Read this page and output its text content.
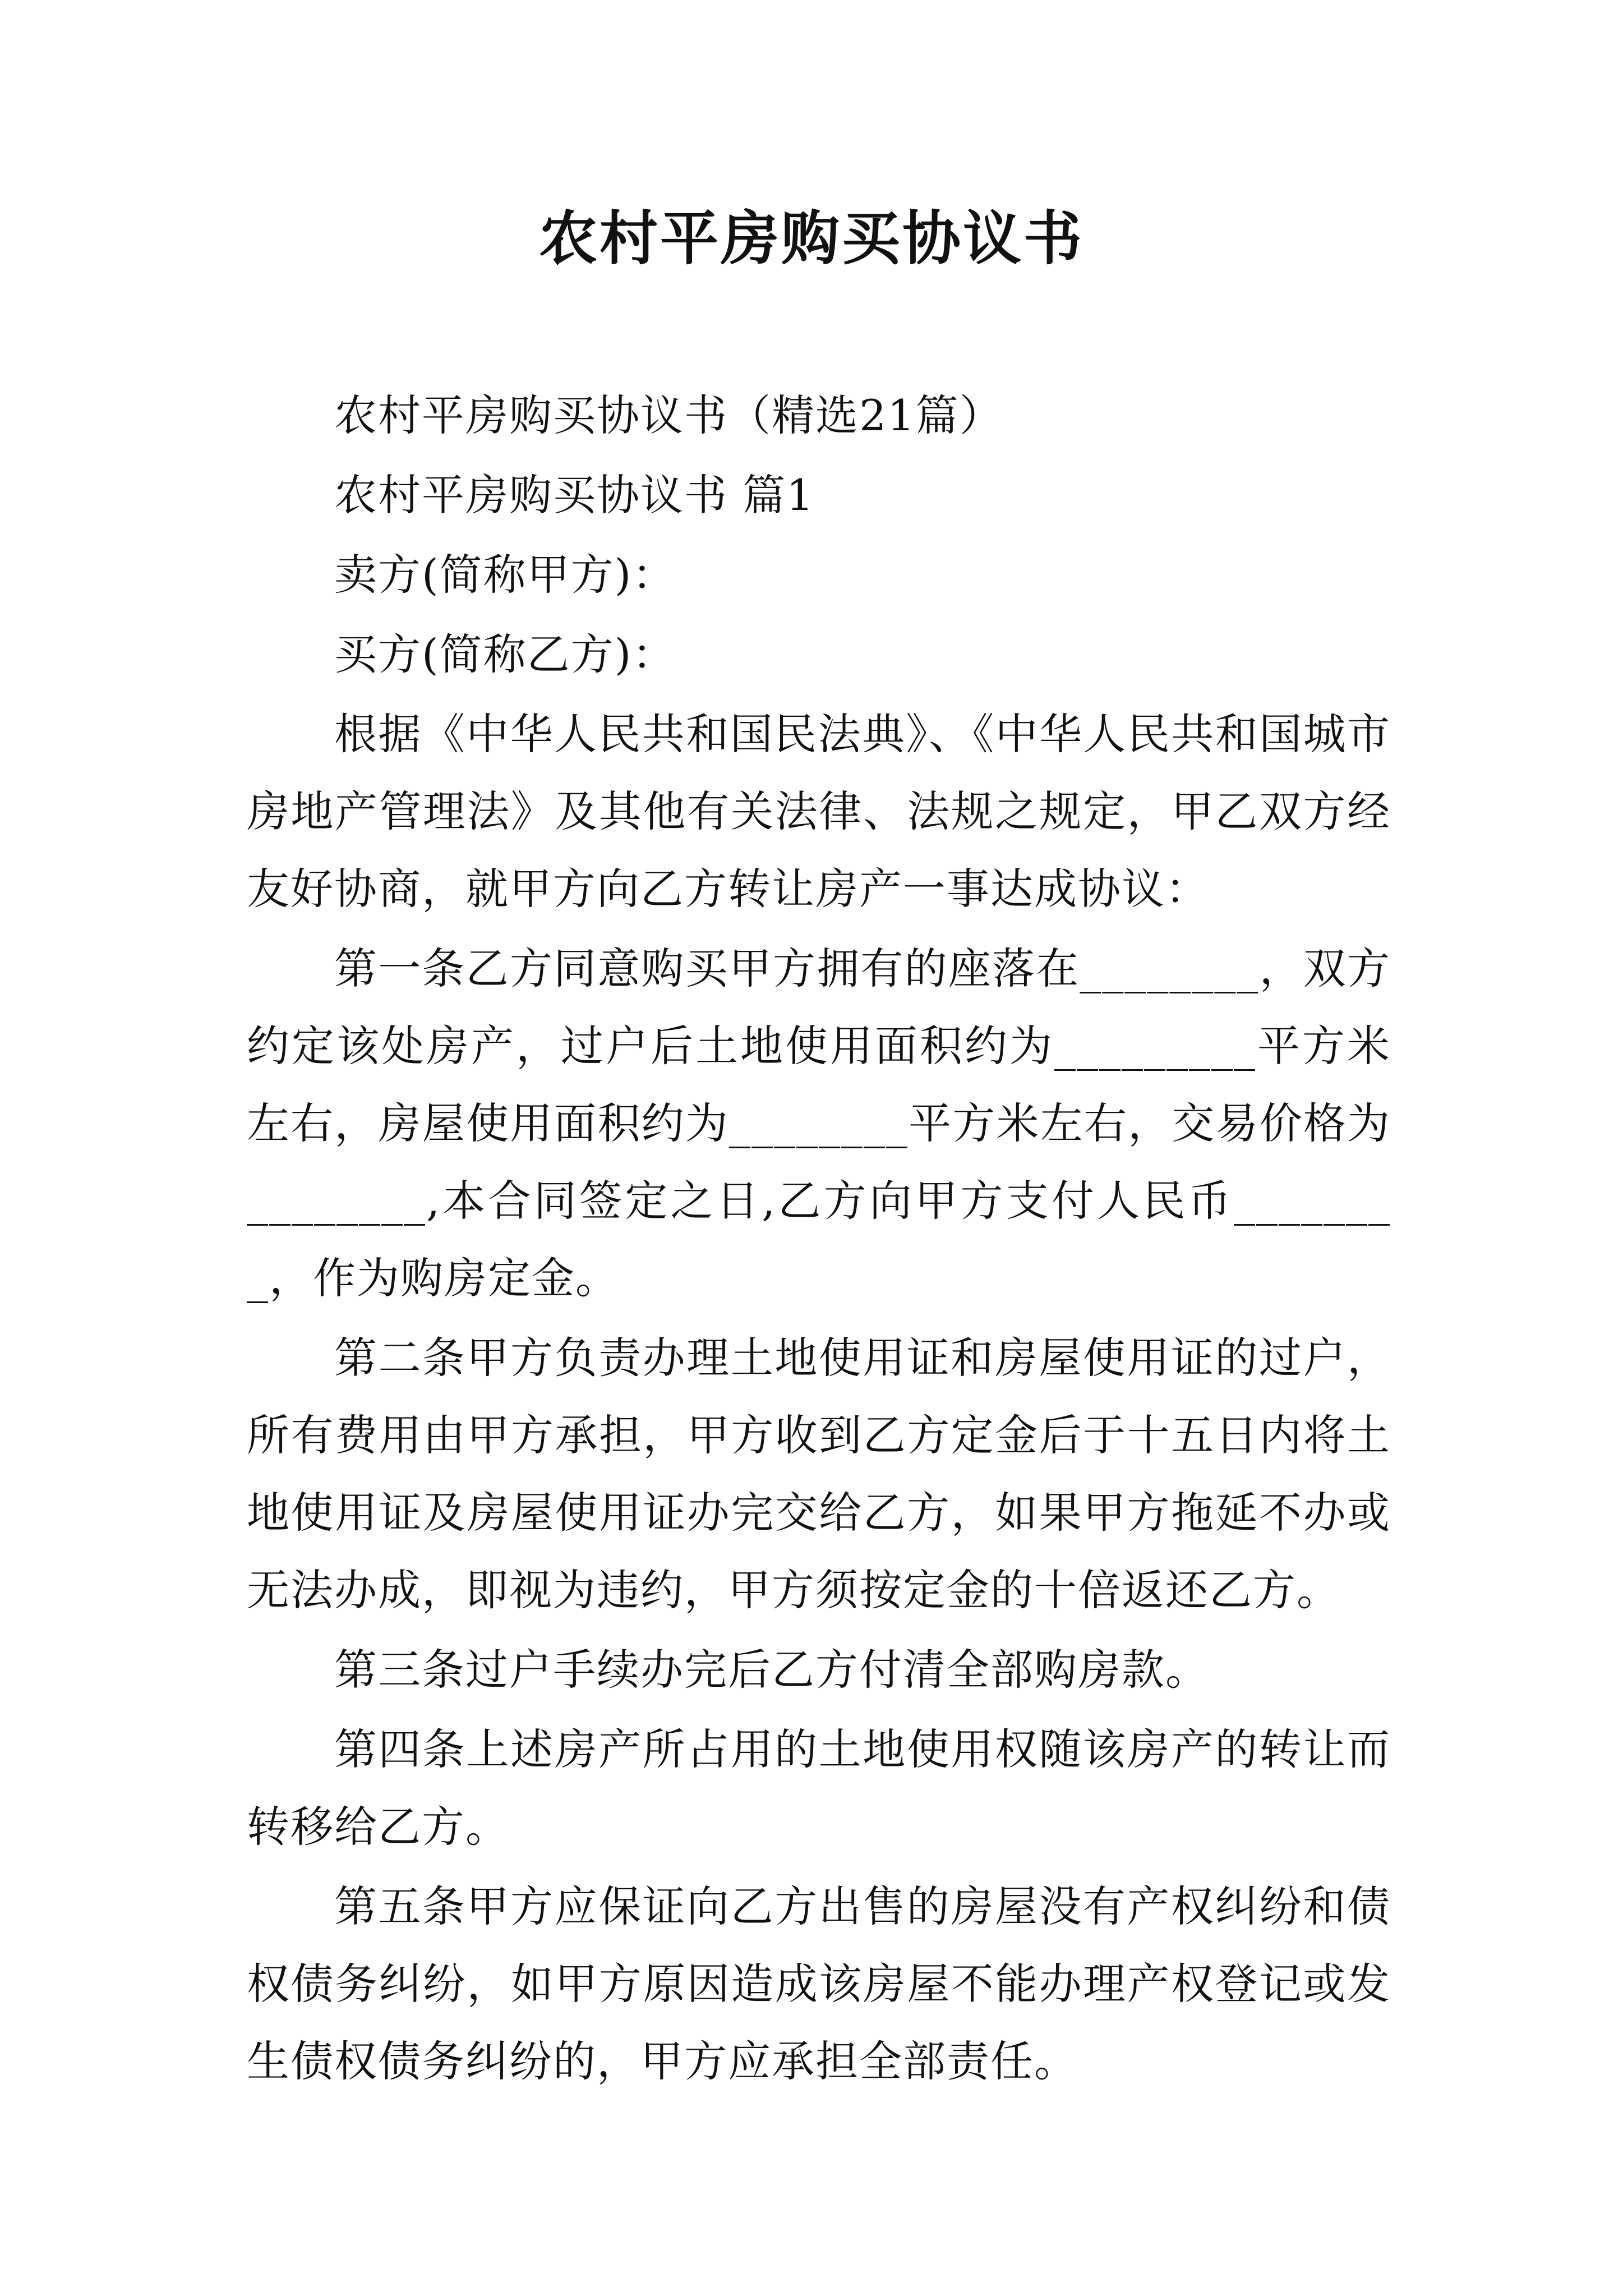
农村平房购买协议书

农村平房购买协议书（精选21篇）

农村平房购买协议书 篇1

卖方(简称甲方)：

买方(简称乙方)：

根据《中华人民共和国民法典》、《中华人民共和国城市房地产管理法》及其他有关法律、法规之规定，甲乙双方经友好协商，就甲方向乙方转让房产一事达成协议：

第一条乙方同意购买甲方拥有的座落在________，双方约定该处房产，过户后土地使用面积约为_________平方米左右，房屋使用面积约为________平方米左右，交易价格为________,本合同签定之日,乙方向甲方支付人民币________，作为购房定金。

第二条甲方负责办理土地使用证和房屋使用证的过户，所有费用由甲方承担，甲方收到乙方定金后于十五日内将土地使用证及房屋使用证办完交给乙方，如果甲方拖延不办或无法办成，即视为违约，甲方须按定金的十倍返还乙方。

第三条过户手续办完后乙方付清全部购房款。

第四条上述房产所占用的土地使用权随该房产的转让而转移给乙方。

第五条甲方应保证向乙方出售的房屋没有产权纠纷和债权债务纠纷，如甲方原因造成该房屋不能办理产权登记或发生债权债务纠纷的，甲方应承担全部责任。
